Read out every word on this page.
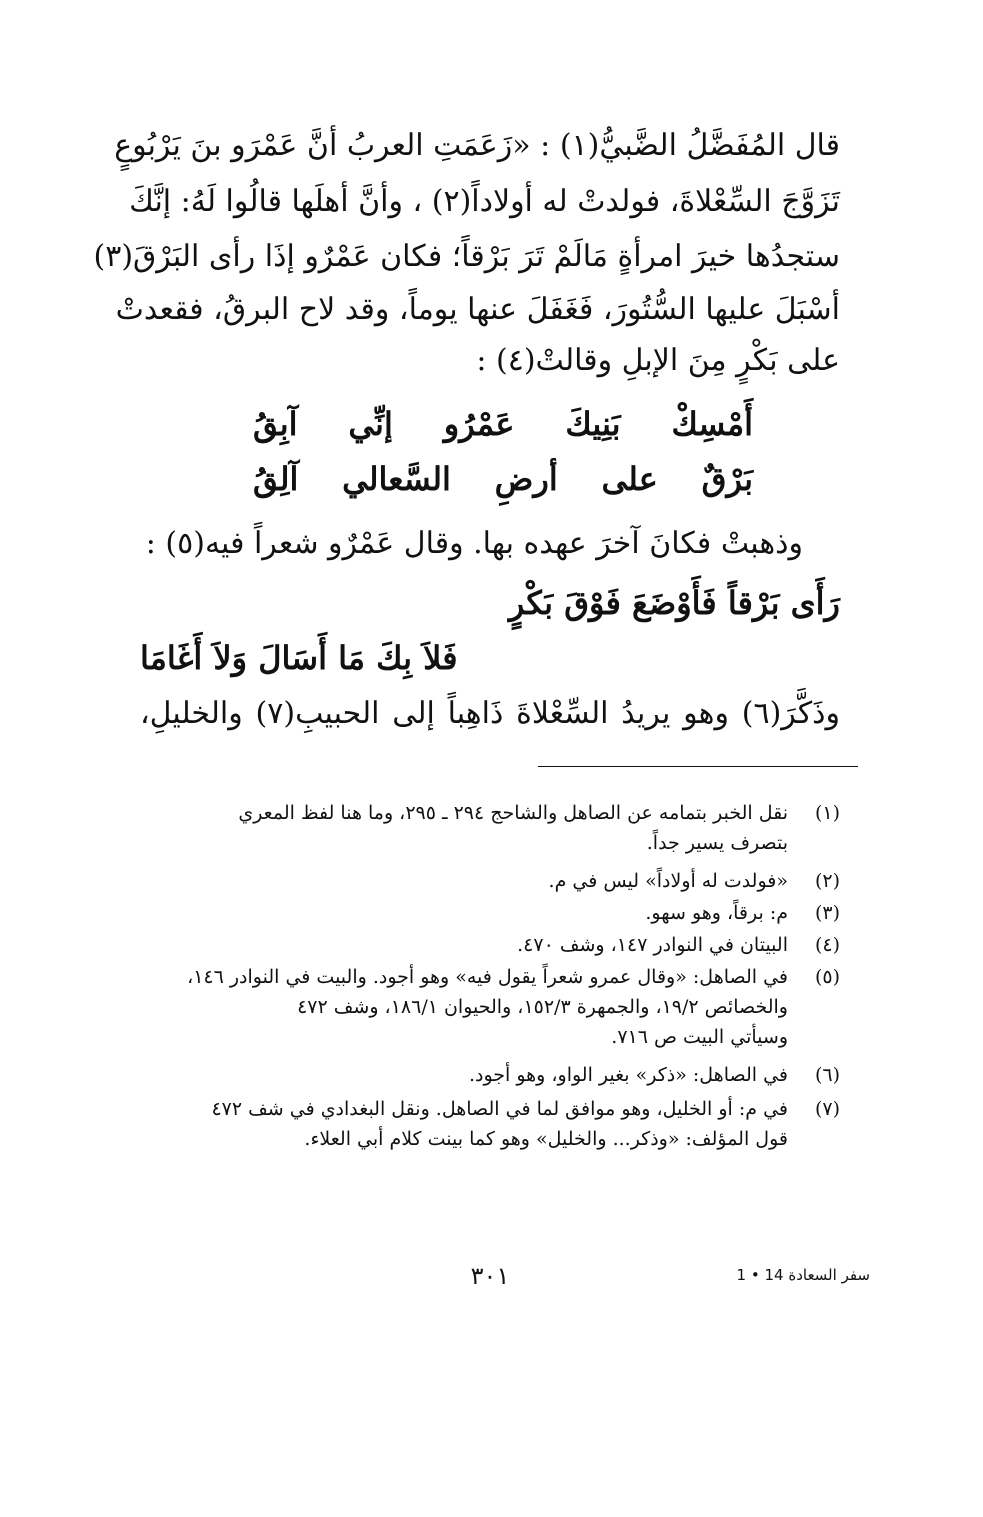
قال المُفَضَّلُ الضَّبيُّ(١) : «زَعَمَتِ العربُ أنَّ عَمْرَو بنَ يَرْبُوعٍ
تَزَوَّجَ السِّعْلاةَ، فولدتْ له أولاداً(٢) ، وأنَّ أهلَها قالُوا لَهُ: إنَّكَ
ستجدُها خيرَ امرأةٍ مَالَمْ تَرَ بَرْقاً؛ فكان عَمْرٌو إذَا رأى البَرْقَ(٣)
أسْبَلَ عليها السُّتُورَ، فَغَفَلَ عنها يوماً، وقد لاح البرقُ، فقعدتْ
على بَكْرٍ مِنَ الإبلِ وقالتْ(٤) :
أَمْسِكْ بَنِيكَ عَمْرُو إنِّي آبِقُ
بَرْقٌ على أرضِ السَّعالي آلِقُ
وذهبتْ فكانَ آخرَ عهده بها. وقال عَمْرٌو شعراً فيه(٥) :
رَأَى بَرْقاً فَأَوْضَعَ فَوْقَ بَكْرٍ
فَلاَ بِكَ مَا أَسَالَ وَلاَ أَغَامَا
وذَكَّرَ(٦) وهو يريدُ السِّعْلاةَ ذَاهِباً إلى الحبيبِ(٧) والخليلِ،
(١)
نقل الخبر بتمامه عن الصاهل والشاحج ٢٩٤ ـ ٢٩٥، وما هنا لفظ المعري
بتصرف يسير جداً.
(٢)
«فولدت له أولاداً» ليس في م.
(٣)
م: برقاً، وهو سهو.
(٤)
البيتان في النوادر ١٤٧، وشف ٤٧٠.
(٥)
في الصاهل: «وقال عمرو شعراً يقول فيه» وهو أجود. والبيت في النوادر ١٤٦،
والخصائص ١٩/٢، والجمهرة ١٥٢/٣، والحيوان ١٨٦/١، وشف ٤٧٢
وسيأتي البيت ص ٧١٦.
(٦)
في الصاهل: «ذكر» بغير الواو، وهو أجود.
(٧)
في م: أو الخليل، وهو موافق لما في الصاهل. ونقل البغدادي في شف ٤٧٢
قول المؤلف: «وذكر... والخليل» وهو كما بينت كلام أبي العلاء.
٣٠١	سفر السعادة 14 • 1
